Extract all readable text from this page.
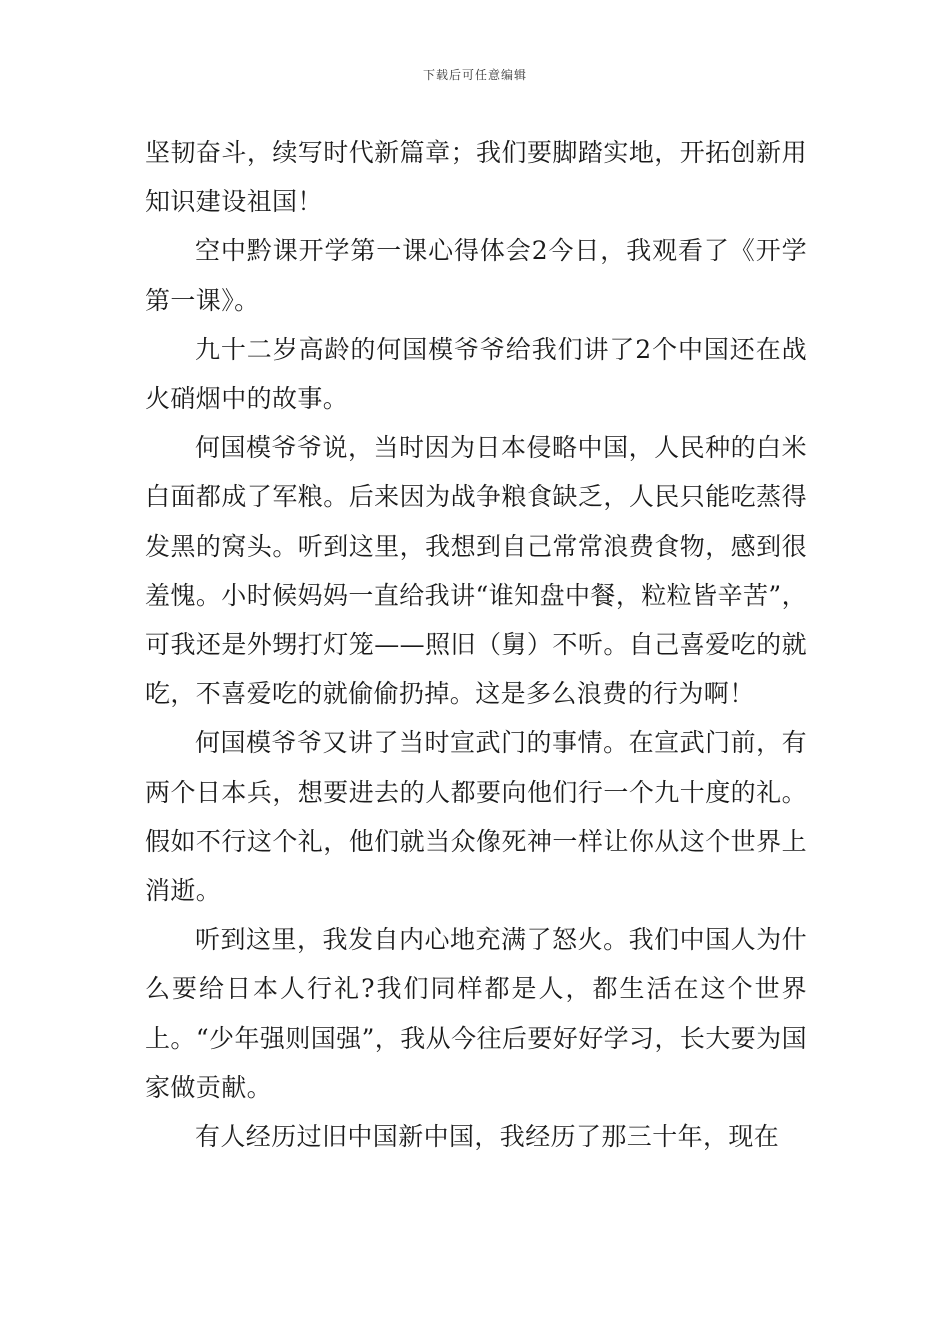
下载后可任意编辑

坚韧奋斗，续写时代新篇章；我们要脚踏实地，开拓创新用知识建设祖国！

空中黔课开学第一课心得体会2今日，我观看了《开学第一课》。

九十二岁高龄的何国模爷爷给我们讲了2个中国还在战火硝烟中的故事。

何国模爷爷说，当时因为日本侵略中国，人民种的白米白面都成了军粮。后来因为战争粮食缺乏，人民只能吃蒸得发黑的窝头。听到这里，我想到自己常常浪费食物，感到很羞愧。小时候妈妈一直给我讲“谁知盘中餐，粒粒皆辛苦”，可我还是外甥打灯笼——照旧（舅）不听。自己喜爱吃的就吃，不喜爱吃的就偷偷扔掉。这是多么浪费的行为啊！

何国模爷爷又讲了当时宣武门的事情。在宣武门前，有两个日本兵，想要进去的人都要向他们行一个九十度的礼。假如不行这个礼，他们就当众像死神一样让你从这个世界上消逝。

听到这里，我发自内心地充满了怒火。我们中国人为什么要给日本人行礼?我们同样都是人，都生活在这个世界上。“少年强则国强”，我从今往后要好好学习，长大要为国家做贡献。

有人经历过旧中国新中国，我经历了那三十年，现在
